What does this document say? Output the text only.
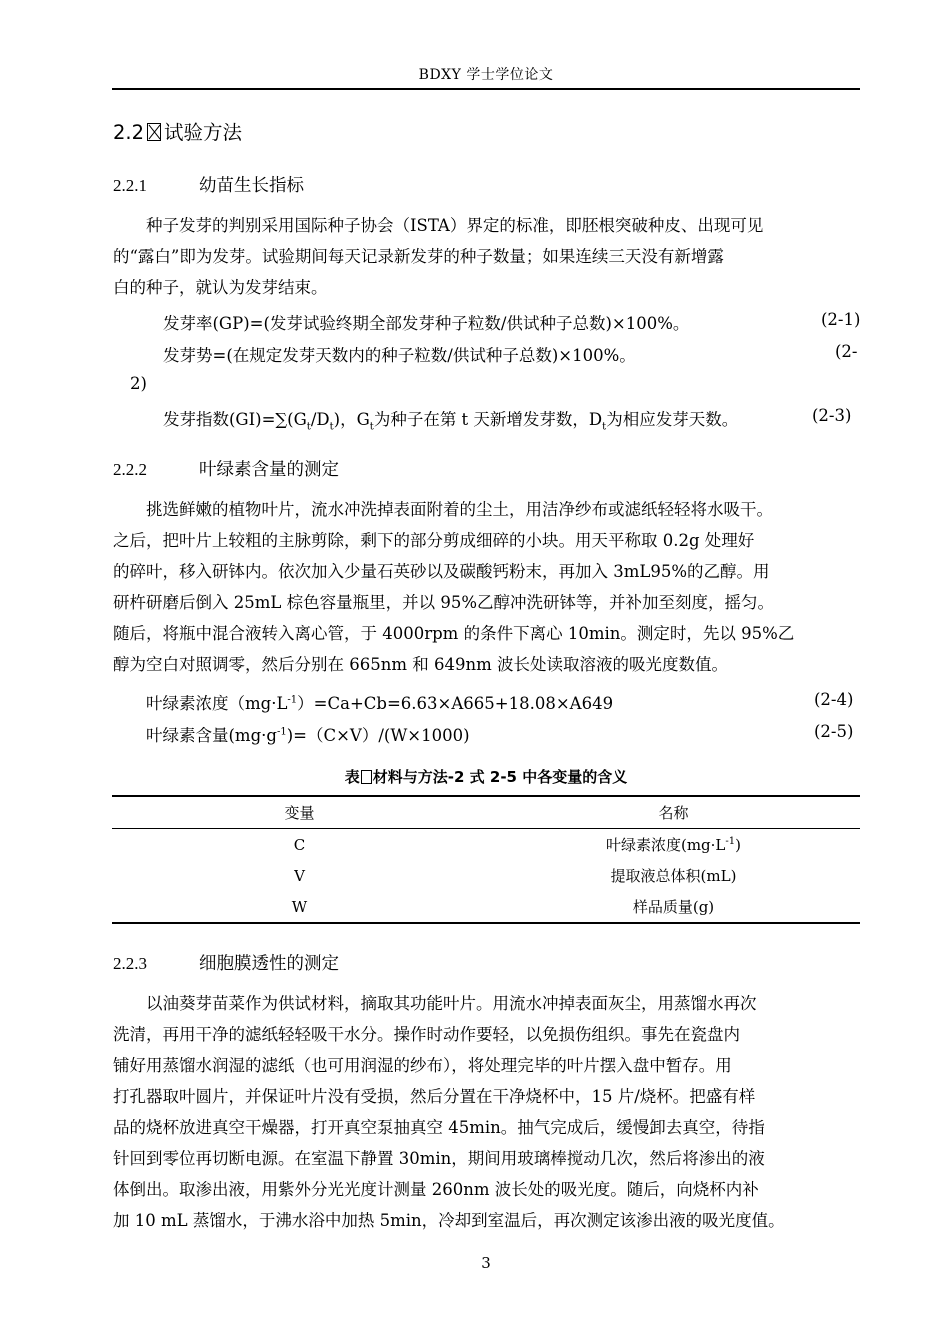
BDXY 学士学位论文
2.2 试验方法
2.2.1	幼苗生长指标
种子发芽的判别采用国际种子协会（ISTA）界定的标准，即胚根突破种皮、出现可见
的“露白”即为发芽。试验期间每天记录新发芽的种子数量；如果连续三天没有新增露
白的种子，就认为发芽结束。
发芽率(GP)=(发芽试验终期全部发芽种子粒数/供试种子总数)×100%。	(2-1)
发芽势=(在规定发芽天数内的种子粒数/供试种子总数)×100%。	(2-
2)
发芽指数$(GI)=\sum(G_t/D_t)$，$G_t$为种子在第 t 天新增发芽数，$D_t$为相应发芽天数。	(2-3)
2.2.2	叶绿素含量的测定
挑选鲜嫩的植物叶片，流水冲洗掉表面附着的尘土，用洁净纱布或滤纸轻轻将水吸干。
之后，把叶片上较粗的主脉剪除，剩下的部分剪成细碎的小块。用天平称取 0.2g 处理好
的碎叶，移入研钵内。依次加入少量石英砂以及碳酸钙粉末，再加入 3mL95%的乙醇。用
研杵研磨后倒入 25mL 棕色容量瓶里，并以 95%乙醇冲洗研钵等，并补加至刻度，摇匀。
随后，将瓶中混合液转入离心管，于 4000rpm 的条件下离心 10min。测定时，先以 95%乙
醇为空白对照调零，然后分别在 665nm 和 649nm 波长处读取溶液的吸光度数值。
叶绿素浓度$(mg\cdot L^{-1})=Ca+Cb=6.63\times A665+18.08\times A649$	(2-4)
叶绿素含量$(mg\cdot g^{-1})=(C\times V)/(W\times 1000)$	(2-5)
表 材料与方法-2 式 2-5 中各变量的含义
变量	名称
C	叶绿素浓度$(mg\cdot L^{-1})$
V	提取液总体积(mL)
W	样品质量(g)
2.2.3	细胞膜透性的测定
以油葵芽苗菜作为供试材料，摘取其功能叶片。用流水冲掉表面灰尘，用蒸馏水再次
洗清，再用干净的滤纸轻轻吸干水分。操作时动作要轻，以免损伤组织。事先在瓷盘内
铺好用蒸馏水润湿的滤纸（也可用润湿的纱布），将处理完毕的叶片摆入盘中暂存。用
打孔器取叶圆片，并保证叶片没有受损，然后分置在干净烧杯中，15 片/烧杯。把盛有样
品的烧杯放进真空干燥器，打开真空泵抽真空 45min。抽气完成后，缓慢卸去真空，待指
针回到零位再切断电源。在室温下静置 30min，期间用玻璃棒搅动几次，然后将渗出的液
体倒出。取渗出液，用紫外分光光度计测量 260nm 波长处的吸光度。随后，向烧杯内补
加 10 mL 蒸馏水，于沸水浴中加热 5min，冷却到室温后，再次测定该渗出液的吸光度值。
3
